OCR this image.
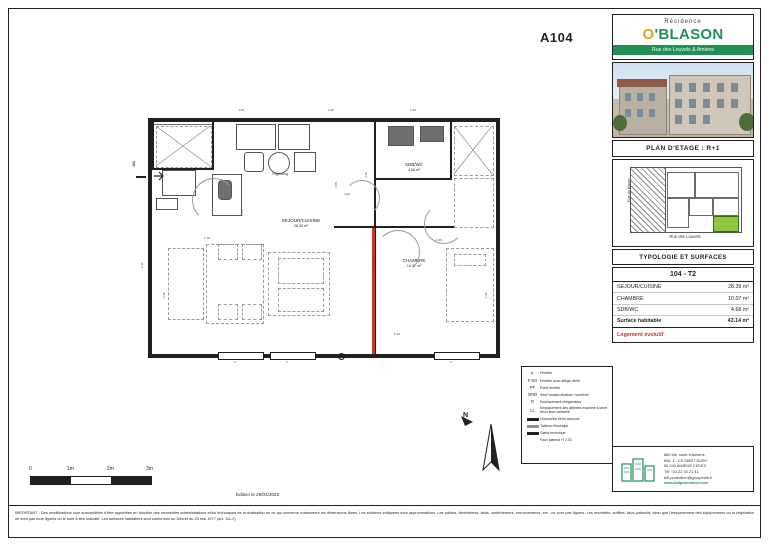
A104
Résidence
O'BLASON
Rue des Louvels & Amiens
PLAN D'ETAGE : R+1
Rue des Louvels
Rue du Blason
TYPOLOGIE ET SURFACES
104 - T2
SEJOUR/CUISINE	28.39 m²
CHAMBRE	10.07 m²
SDB/WC	4.68 m²
Surface habitable	43.14 m²
Logement évolutif
680 bis, route d'Amiens
BAt. 1 - CS 56007 DURY
80 040 AMIENS CEDEX
Tél : 03 22 33 21 41
bdl.promotion@groupebdl.fr
www.bdlpromotion.com
F	Fenêtre
F-SG Fenêtre avec allège vitrée
PF	Porte fenêtre
SFID Seuil roulant abaissé / surélevé
R	Emplacement réfrigérateur
LL	Emplacement des attentes machine à laver et/ou lave-vaisselle
Cloison/sol et/ou cloisons
Tableau électrique
Gaine technique
Faux plafond H 2.30
N
0	1m	2m	3m
104
Frigo/cong
SDB/WC
4.68 m²
SEJOUR/CUISINE
28.39 m²
CHAMBRE
10.07 m²
MUR EVOLUTIF
F	F	F
3.05	2.40	1.45
1.20
0.90
3.30
1.60
2.70
5.10
4.20
2.85
1.05
3.55
Edition le 25/04/2022
IMPORTANT : Des modifications sont susceptibles d'être apportées en fonction des nécessités administratives et/ou techniques de la réalisation en ce qui concerne notamment les dimensions libres. Les surfaces indiquées sont approximatives. Les paliers, déminéeles, talus, soutènement, enrochements, etc., ne sont pas figurés. Les retombés, soffites, faux-plafonds, ainsi que l'emplacement des équipements ou la végétation ne sont pas tous figurés ou le sont à titre indicatif. Les surfaces habitables sont conformes au Décret du 23 mai 1977 (art. 111-2)
